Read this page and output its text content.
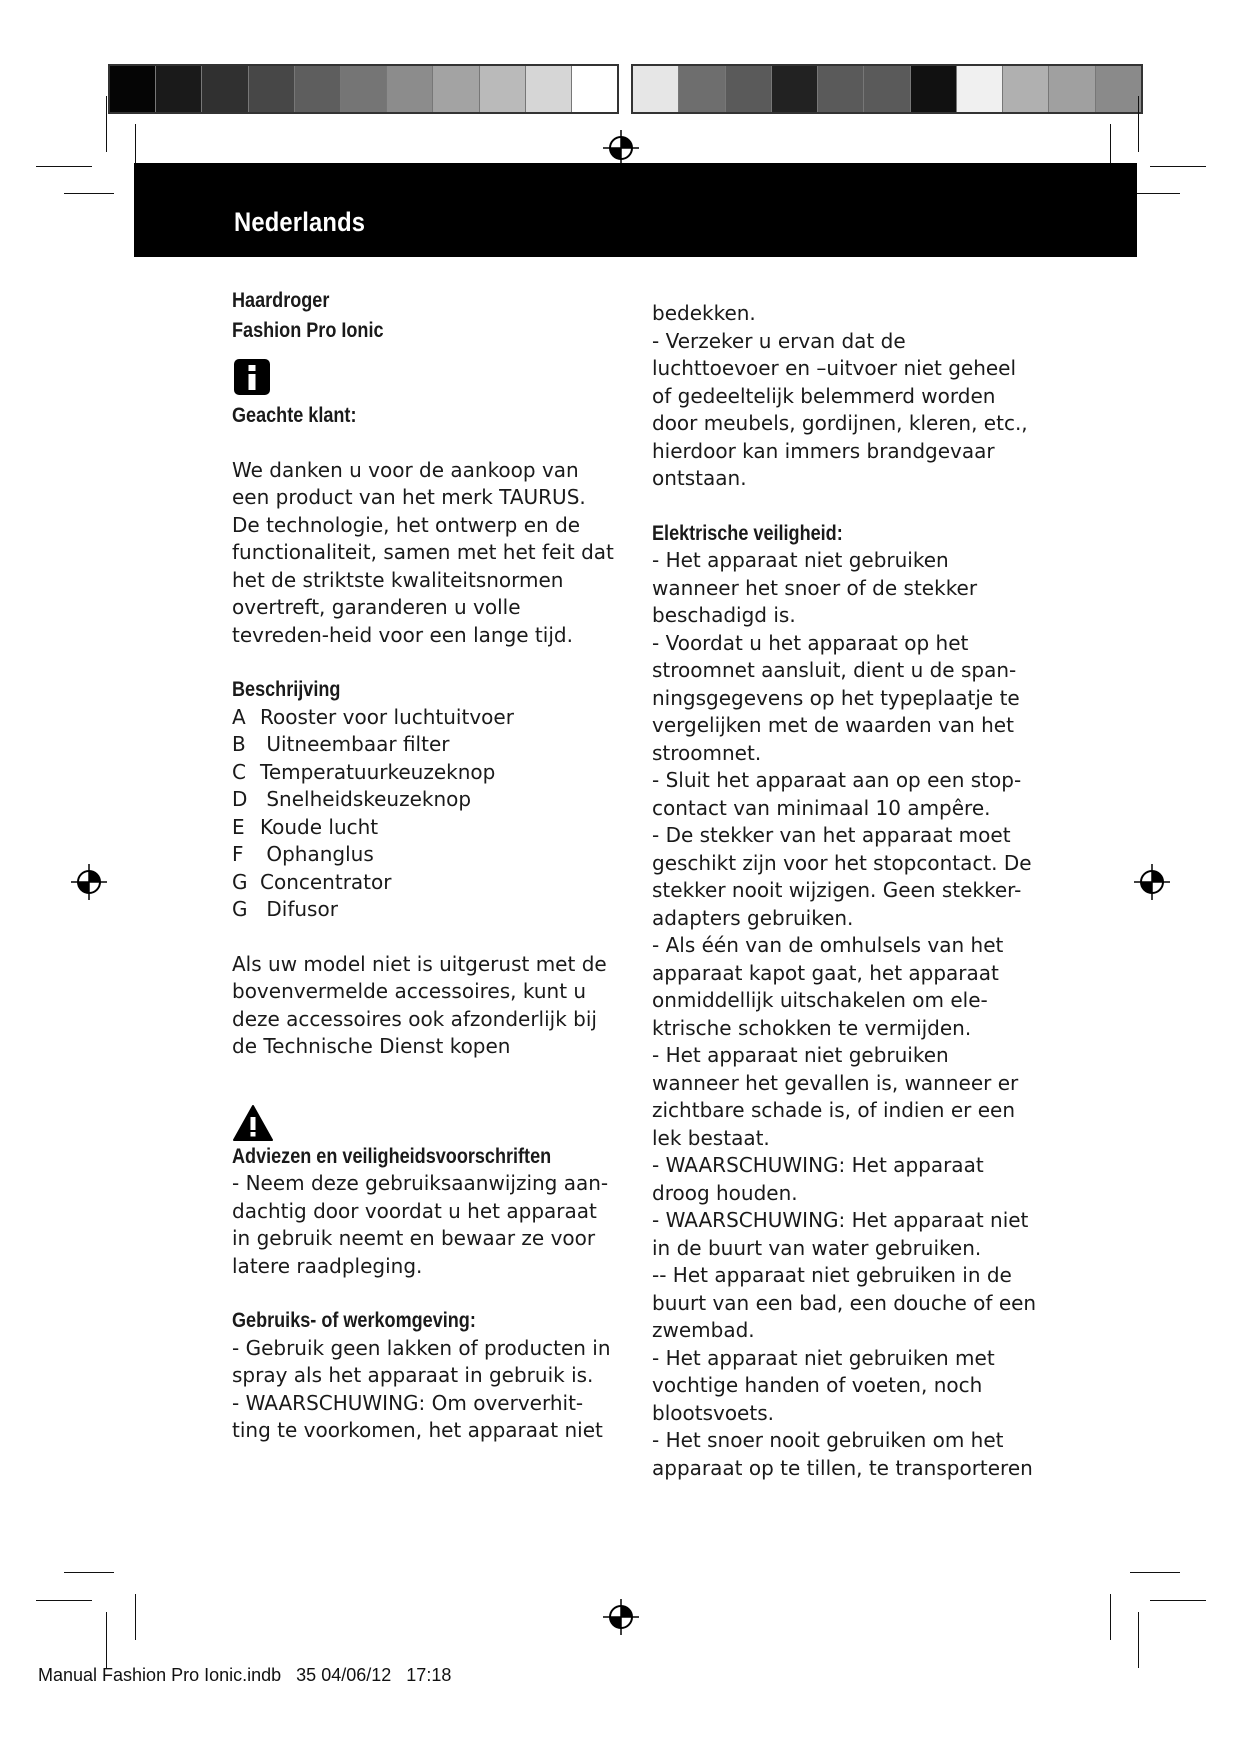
Nederlands
Haardroger
Fashion Pro Ionic
Geachte klant:

We danken u voor de aankoop van een product van het merk TAURUS. De technologie, het ontwerp en de functionaliteit, samen met het feit dat het de striktste kwaliteitsnormen overtreft, garanderen u volle tevreden-heid voor een lange tijd.

Beschrijving
A Rooster voor luchtuitvoer
B Uitneembaar filter
C Temperatuurkeuzeknop
D Snelheidskeuzeknop
E Koude lucht
F Ophanglus
G Concentrator
G Difusor

Als uw model niet is uitgerust met de bovenvermelde accessoires, kunt u deze accessoires ook afzonderlijk bij de Technische Dienst kopen

Adviezen en veiligheidsvoorschriften

- Neem deze gebruiksaanwijzing aan-dachtig door voordat u het apparaat in gebruik neemt en bewaar ze voor latere raadpleging.

Gebruiks- of werkomgeving:

- Gebruik geen lakken of producten in spray als het apparaat in gebruik is.
- WAARSCHUWING: Om oververhit-ting te voorkomen, het apparaat niet

bedekken.
- Verzeker u ervan dat de luchttoevoer en –uitvoer niet geheel of gedeeltelijk belemmerd worden door meubels, gordijnen, kleren, etc., hierdoor kan immers brandgevaar ontstaan.

Elektrische veiligheid:

- Het apparaat niet gebruiken wanneer het snoer of de stekker beschadigd is.
- Voordat u het apparaat op het stroomnet aansluit, dient u de span-ningsgegevens op het typeplaatje te vergelijken met de waarden van het stroomnet.
- Sluit het apparaat aan op een stop-contact van minimaal 10 ampêre.
- De stekker van het apparaat moet geschikt zijn voor het stopcontact. De stekker nooit wijzigen. Geen stekker-adapters gebruiken.
- Als één van de omhulsels van het apparaat kapot gaat, het apparaat onmiddellijk uitschakelen om ele-ktrische schokken te vermijden.
- Het apparaat niet gebruiken wanneer het gevallen is, wanneer er zichtbare schade is, of indien er een lek bestaat.
- WAARSCHUWING: Het apparaat droog houden.
- WAARSCHUWING: Het apparaat niet in de buurt van water gebruiken.
-- Het apparaat niet gebruiken in de buurt van een bad, een douche of een zwembad.
- Het apparaat niet gebruiken met vochtige handen of voeten, noch blootsvoets.
- Het snoer nooit gebruiken om het apparaat op te tillen, te transporteren

Manual Fashion Pro Ionic.indb 35 04/06/12 17:18
